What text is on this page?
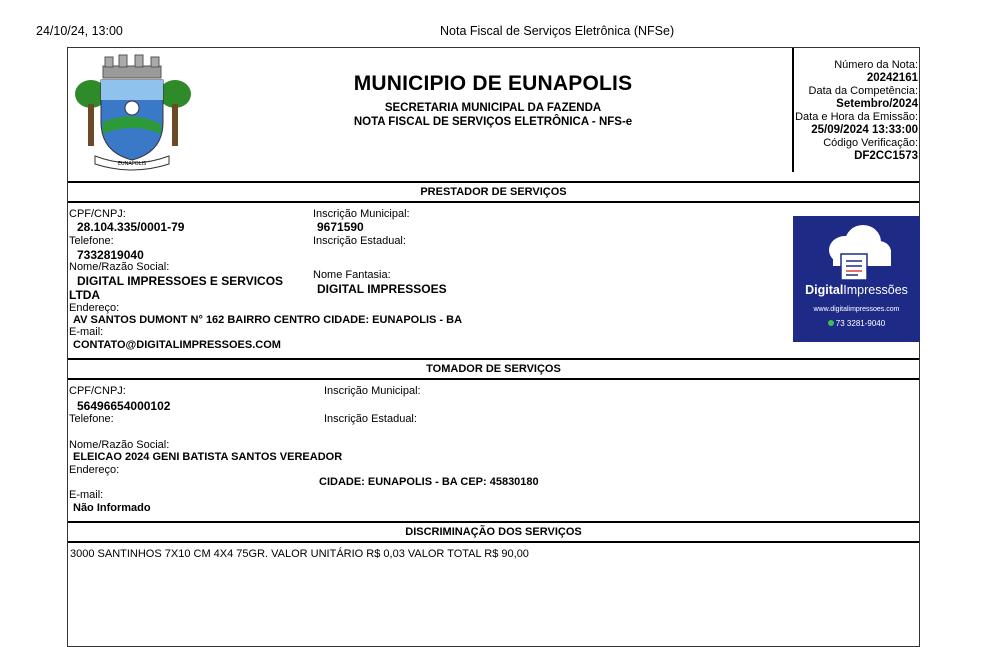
24/10/24, 13:00	Nota Fiscal de Serviços Eletrônica (NFSe)
EUNAPOLIS
MUNICIPIO DE EUNAPOLIS
SECRETARIA MUNICIPAL DA FAZENDA
NOTA FISCAL DE SERVIÇOS ELETRÔNICA - NFS-e
Número da Nota:
20242161
Data da Competência:
Setembro/2024
Data e Hora da Emissão:
25/09/2024 13:33:00
Código Verificação:
DF2CC1573
PRESTADOR DE SERVIÇOS
CPF/CNPJ:
28.104.335/0001-79
Inscrição Municipal:
9671590
Telefone:
7332819040
Inscrição Estadual:
Nome/Razão Social:
DIGITAL IMPRESSOES E SERVICOS
LTDA
Nome Fantasia:
DIGITAL IMPRESSOES
Endereço:
AV SANTOS DUMONT N° 162 BAIRRO CENTRO CIDADE: EUNAPOLIS - BA
E-mail:
CONTATO@DIGITALIMPRESSOES.COM
DigitalImpressões
www.digitalimpressoes.com
73 3281-9040
TOMADOR DE SERVIÇOS
CPF/CNPJ:
56496654000102
Inscrição Municipal:
Telefone:	Inscrição Estadual:
Nome/Razão Social:
ELEICAO 2024 GENI BATISTA SANTOS VEREADOR
Endereço:
CIDADE: EUNAPOLIS - BA CEP: 45830180
E-mail:
Não Informado
DISCRIMINAÇÃO DOS SERVIÇOS
3000 SANTINHOS 7X10 CM 4X4 75GR. VALOR UNITÁRIO R$ 0,03 VALOR TOTAL R$ 90,00
